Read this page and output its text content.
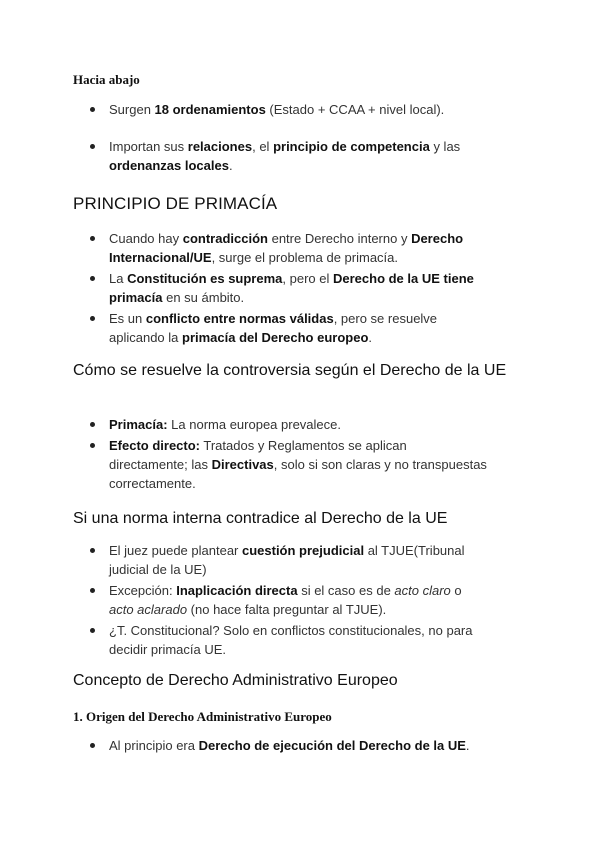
Hacia abajo
Surgen 18 ordenamientos (Estado + CCAA + nivel local).
Importan sus relaciones, el principio de competencia y las ordenanzas locales.
PRINCIPIO DE PRIMACÍA
Cuando hay contradicción entre Derecho interno y Derecho Internacional/UE, surge el problema de primacía.
La Constitución es suprema, pero el Derecho de la UE tiene primacía en su ámbito.
Es un conflicto entre normas válidas, pero se resuelve aplicando la primacía del Derecho europeo.
Cómo se resuelve la controversia según el Derecho de la UE
Primacía: La norma europea prevalece.
Efecto directo: Tratados y Reglamentos se aplican directamente; las Directivas, solo si son claras y no transpuestas correctamente.
Si una norma interna contradice al Derecho de la UE
El juez puede plantear cuestión prejudicial al TJUE(Tribunal judicial de la UE)
Excepción: Inaplicación directa si el caso es de acto claro o acto aclarado (no hace falta preguntar al TJUE).
¿T. Constitucional? Solo en conflictos constitucionales, no para decidir primacía UE.
Concepto de Derecho Administrativo Europeo
1. Origen del Derecho Administrativo Europeo
Al principio era Derecho de ejecución del Derecho de la UE.
